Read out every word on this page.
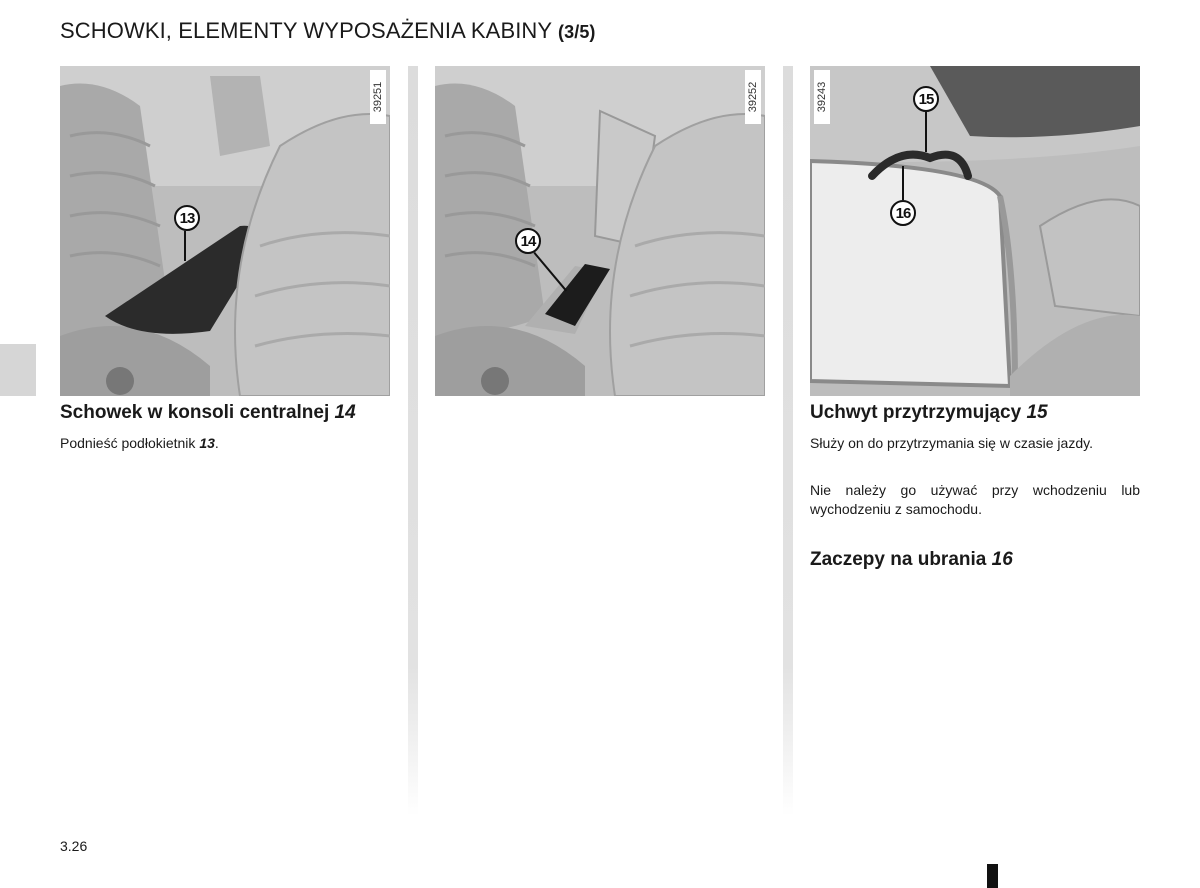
SCHOWKI, ELEMENTY WYPOSAŻENIA KABINY (3/5)
39251
13
39252
14
39243	15
16
Schowek w konsoli centralnej 14
Podnieść podłokietnik 13.
Uchwyt przytrzymujący 15
Służy on do przytrzymania się w czasie jazdy.
Nie należy go używać przy wchodzeniu lub wychodzeniu z samochodu.
Zaczepy na ubrania 16
3.26
